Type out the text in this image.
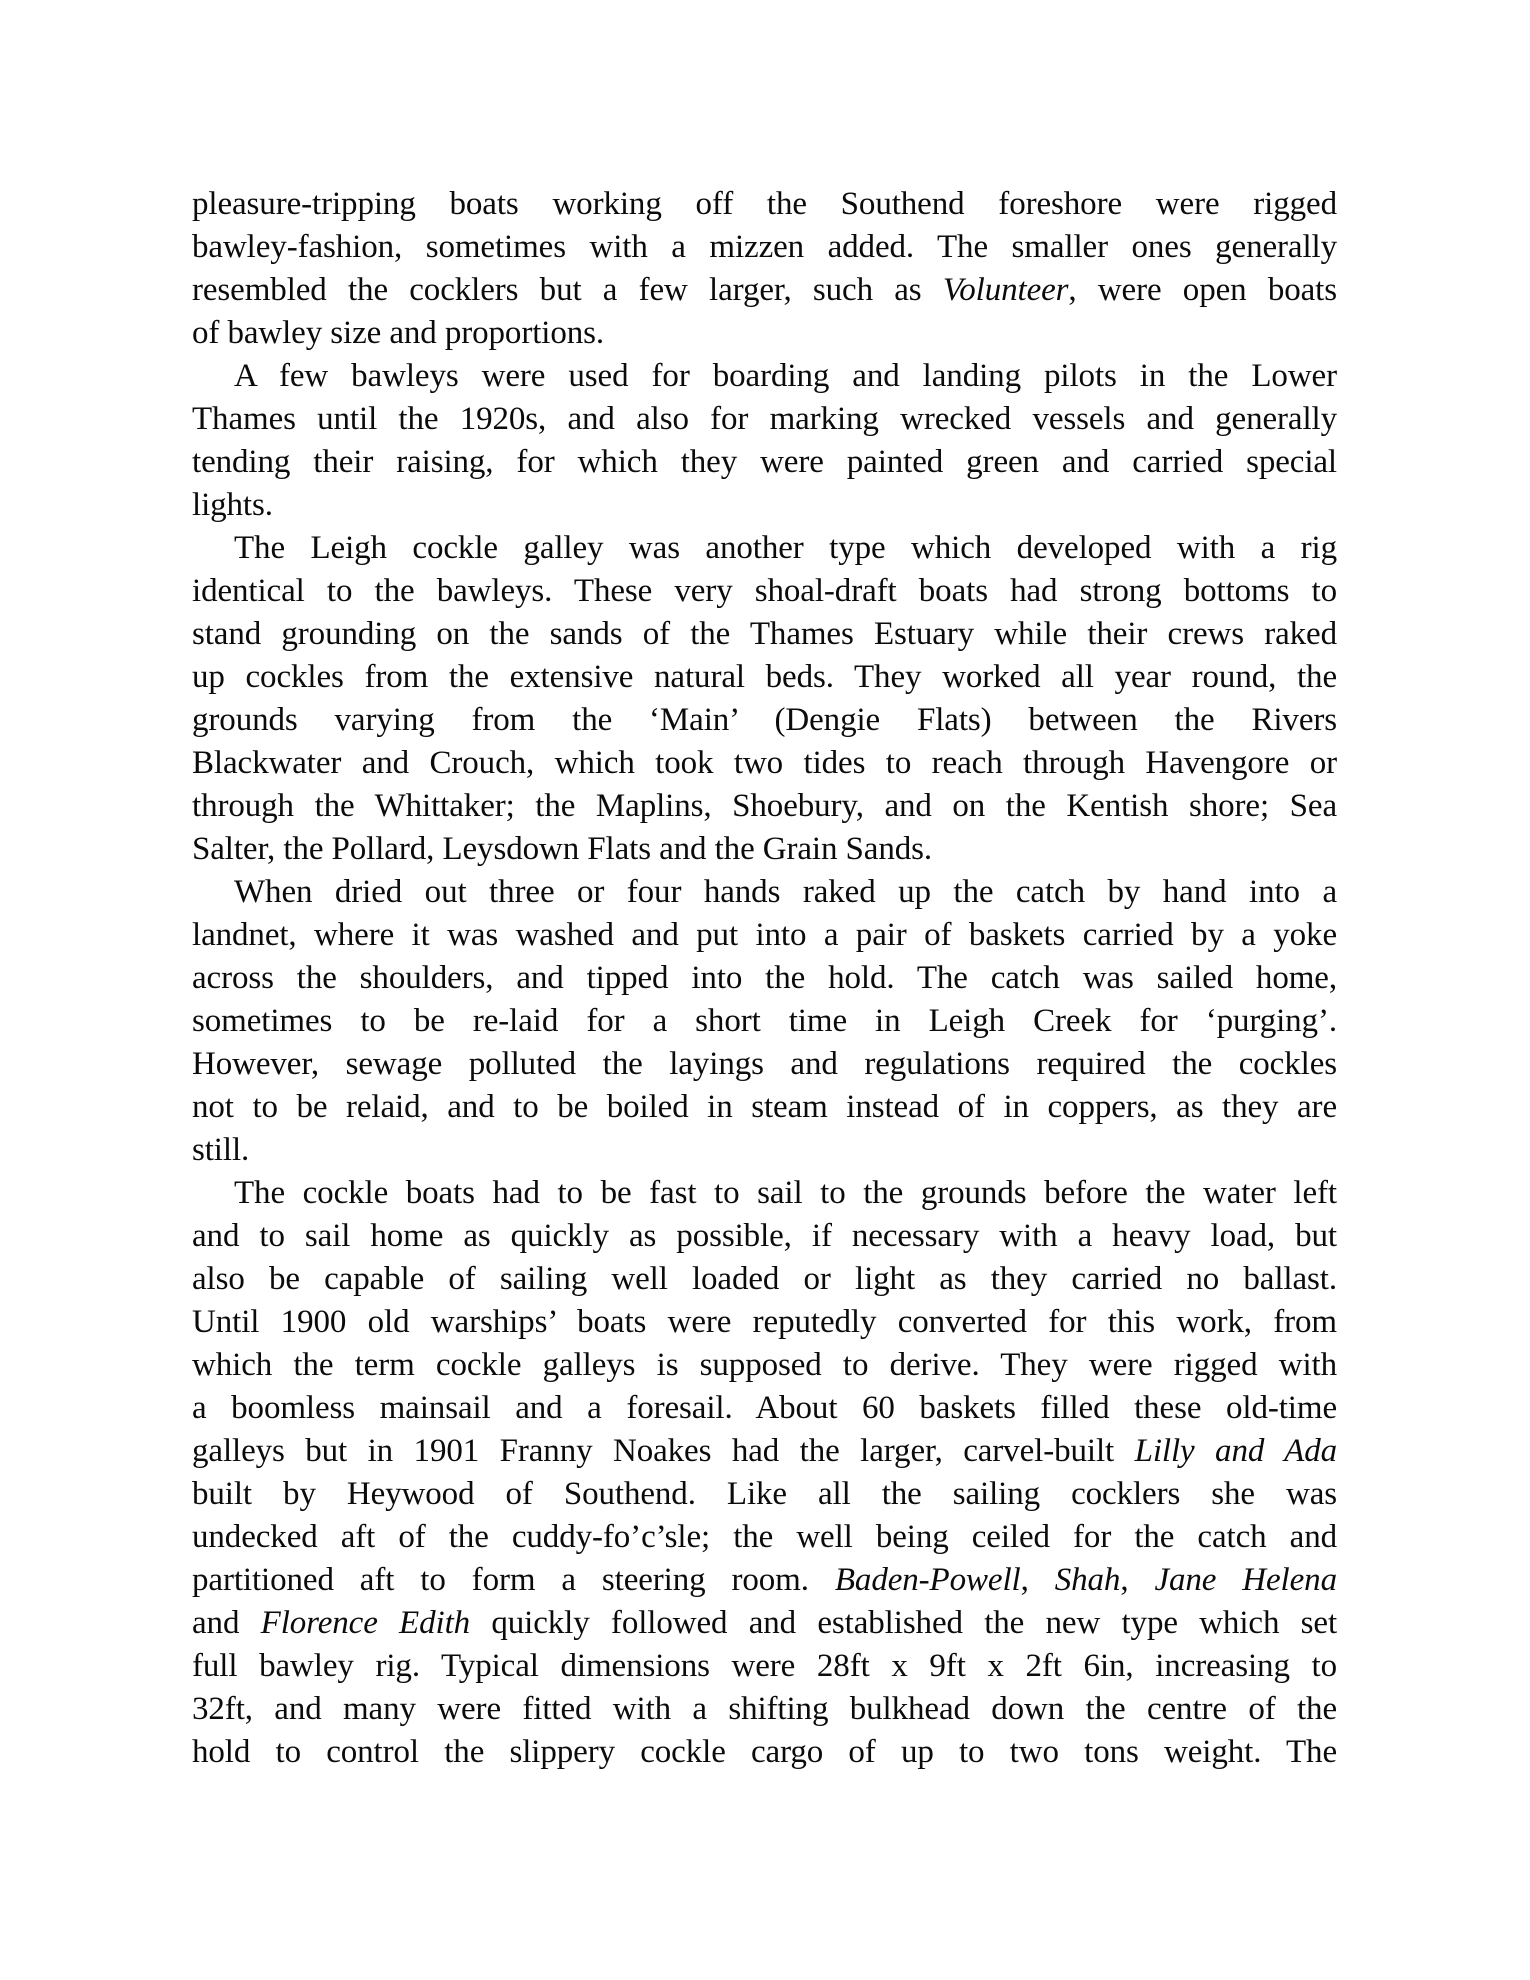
pleasure-tripping boats working off the Southend foreshore were rigged
bawley-fashion, sometimes with a mizzen added. The smaller ones generally
resembled the cocklers but a few larger, such as Volunteer, were open boats
of bawley size and proportions.
A few bawleys were used for boarding and landing pilots in the Lower
Thames until the 1920s, and also for marking wrecked vessels and generally
tending their raising, for which they were painted green and carried special
lights.
The Leigh cockle galley was another type which developed with a rig
identical to the bawleys. These very shoal-draft boats had strong bottoms to
stand grounding on the sands of the Thames Estuary while their crews raked
up cockles from the extensive natural beds. They worked all year round, the
grounds varying from the ‘Main’ (Dengie Flats) between the Rivers
Blackwater and Crouch, which took two tides to reach through Havengore or
through the Whittaker; the Maplins, Shoebury, and on the Kentish shore; Sea
Salter, the Pollard, Leysdown Flats and the Grain Sands.
When dried out three or four hands raked up the catch by hand into a
landnet, where it was washed and put into a pair of baskets carried by a yoke
across the shoulders, and tipped into the hold. The catch was sailed home,
sometimes to be re-laid for a short time in Leigh Creek for ‘purging’.
However, sewage polluted the layings and regulations required the cockles
not to be relaid, and to be boiled in steam instead of in coppers, as they are
still.
The cockle boats had to be fast to sail to the grounds before the water left
and to sail home as quickly as possible, if necessary with a heavy load, but
also be capable of sailing well loaded or light as they carried no ballast.
Until 1900 old warships’ boats were reputedly converted for this work, from
which the term cockle galleys is supposed to derive. They were rigged with
a boomless mainsail and a foresail. About 60 baskets filled these old-time
galleys but in 1901 Franny Noakes had the larger, carvel-built Lilly and Ada
built by Heywood of Southend. Like all the sailing cocklers she was
undecked aft of the cuddy-fo’c’sle; the well being ceiled for the catch and
partitioned aft to form a steering room. Baden-Powell, Shah, Jane Helena
and Florence Edith quickly followed and established the new type which set
full bawley rig. Typical dimensions were 28ft x 9ft x 2ft 6in, increasing to
32ft, and many were fitted with a shifting bulkhead down the centre of the
hold to control the slippery cockle cargo of up to two tons weight. The
